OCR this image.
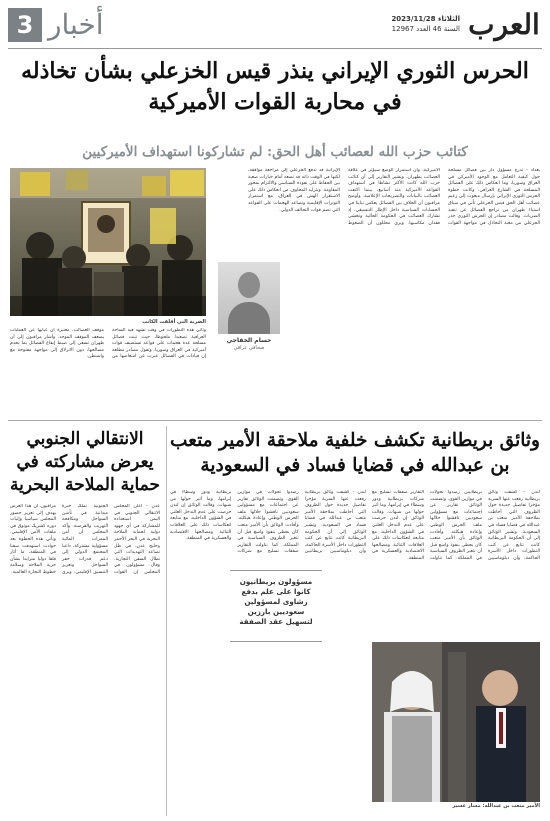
العرب
الثلاثاء 2023/11/28
السنة 46 العدد 12967
3 أخبار
الحرس الثوري الإيراني ينذر قيس الخزعلي بشأن تخاذله في محاربة القوات الأميركية
كتائب حزب الله لعصائب أهل الحق: لم تشاركونا استهداف الأميركيين
بغداد - تدرج مسؤول دار بين فصائل مسلحة حول كيفية التعامل مع الوجود الأميركي في العراق وسوريا، وما انعكاس ذلك على الفصائل المسلحة في الشارع العراقي. وكانت خطوة الحرس الثوري الإيراني بإرسال مبعوث إلى زعيم عصائب أهل الحق قيس الخزعلي تأتي في سياق استياء طهران من تراجع الفصائل عن تنفيذ الضربات. وقالت مصادر إن الحرس الثوري حذر الخزعلي من مغبة التخاذل في مواجهة القوات الأميركية، وأن استمرار الوضع سيؤثر في علاقة العصائب بطهران. وتشير التقارير إلى أن كتائب حزب الله كانت الأكثر نشاطا في استهداف القواعد الأميركية منذ أسابيع، بينما اكتفت العصائب بالبيانات والتصريحات الإعلامية. وأوضح مراقبون أن الخلاف بين الفصائل يعكس تباينا في الحسابات السياسية داخل الإطار التنسيقي، إذ تشارك العصائب في الحكومة الحالية وتخشى فقدان مكاسبها. ويرى محللون أن الضغوط الإيرانية قد تدفع الخزعلي إلى مراجعة مواقفه، لكنها في الوقت ذاته قد تضعه أمام خيارات صعبة بين الحفاظ على نفوذه السياسي والالتزام بمحور المقاومة. وتتزايد المخاوف من انعكاس ذلك على الاستقرار الهش في العراق، مع استمرار التوترات الإقليمية وتصاعد الهجمات على القواعد التي تضم قوات التحالف الدولي.
حسام الخفاجي
صحافي عراقي
الضربة التي أقلقت الكاتب
وتأتي هذه التطورات في وقت تشهد فيه الساحة العراقية تصعيدا ملحوظا، حيث تبنت فصائل مسلحة عدة هجمات على قواعد تستضيف قوات أميركية في العراق وسوريا. وتقول مصادر مطلعة إن قيادات في الفصائل عبرت عن امتعاضها من موقف العصائب، معتبرة أن غيابها عن العمليات يضعف الموقف الموحد. وأشار مراقبون إلى أن طهران تسعى إلى ضبط إيقاع الفصائل بما يخدم مصالحها، دون الانزلاق إلى مواجهة مفتوحة مع واشنطن.
وثائق بريطانية تكشف خلفية ملاحقة الأمير متعب بن عبدالله في قضايا فساد في السعودية
الانتقالي الجنوبي يعرض مشاركته في حماية الملاحة البحرية	لندن - كشفت وثائق بريطانية رفعت عنها السرية مؤخرا تفاصيل جديدة حول الظروف التي أحاطت بملاحقة الأمير متعب بن عبدالله في قضايا فساد في السعودية. وتشير الوثائق إلى أن الحكومة البريطانية كانت تتابع عن كثب التطورات داخل الأسرة الحاكمة، وأن دبلوماسيين بريطانيين رصدوا تحولات في موازين القوى. وتضمنت الوثائق تقارير عن اجتماعات مع مسؤولين سعوديين ناقشوا خلالها ملف الحرس الوطني وإعادة هيكلته. وأفادت الوثائق بأن الأمير متعب كان يحظى بنفوذ واسع قبل أن تتغير الظروف السياسية في المملكة. كما تناولت التقارير صفقات تسليح مع شركات بريطانية ودور وسطاء في إبرامها، وما أثير حولها من شبهات. وقالت الوثائق إن لندن حرصت على عدم التدخل العلني في الشؤون الداخلية، مع متابعة انعكاسات ذلك على العلاقات الثنائية ومصالحها الاقتصادية والعسكرية في المنطقة.
لندن - كشفت وثائق بريطانية رفعت عنها السرية مؤخرا تفاصيل جديدة حول الظروف التي أحاطت بملاحقة الأمير متعب بن عبدالله في قضايا فساد في السعودية. وتشير الوثائق إلى أن الحكومة البريطانية كانت تتابع عن كثب التطورات داخل الأسرة الحاكمة، وأن دبلوماسيين بريطانيين رصدوا تحولات في موازين القوى. وتضمنت الوثائق تقارير عن اجتماعات مع مسؤولين سعوديين ناقشوا خلالها ملف الحرس الوطني وإعادة هيكلته. وأفادت الوثائق بأن الأمير متعب كان يحظى بنفوذ واسع قبل أن تتغير الظروف السياسية في المملكة. كما تناولت التقارير صفقات تسليح مع شركات بريطانية ودور وسطاء في إبرامها، وما أثير حولها من شبهات. وقالت الوثائق إن لندن حرصت على عدم التدخل العلني في الشؤون الداخلية، مع متابعة انعكاسات ذلك على العلاقات الثنائية ومصالحها الاقتصادية والعسكرية في المنطقة.
مسؤولون بريطانيون كانوا على علم بدفع رشاوى لمسؤولين سعوديين بارزين لتسهيل عقد الصفقة
عدن - أعلن المجلس الانتقالي الجنوبي في اليمن استعداده للمشاركة في أي جهود دولية لحماية الملاحة البحرية في البحر الأحمر وخليج عدن، في ظل تصاعد التهديدات التي تطال السفن التجارية. وقال مسؤولون في المجلس إن القوات الجنوبية تملك خبرة ميدانية في تأمين السواحل ومكافحة التهريب والقرصنة. وأكد المجلس أن أمن الممرات المائية مسؤولية مشتركة، داعيا المجتمع الدولي إلى دعم قدرات خفر السواحل وتعزيز التنسيق الإقليمي. ويرى مراقبون أن هذا العرض يهدف إلى تعزيز حضور المجلس سياسيا وإثبات دوره كشريك موثوق في ملفات الأمن الإقليمي. وتأتي هذه الخطوة بعد حوادث استهدفت سفنا في المنطقة، ما أثار قلقا دوليا متزايدا بشأن حرية الملاحة وسلامة خطوط التجارة العالمية.
الأمير متعب بن عبدالله: مسار عسير
